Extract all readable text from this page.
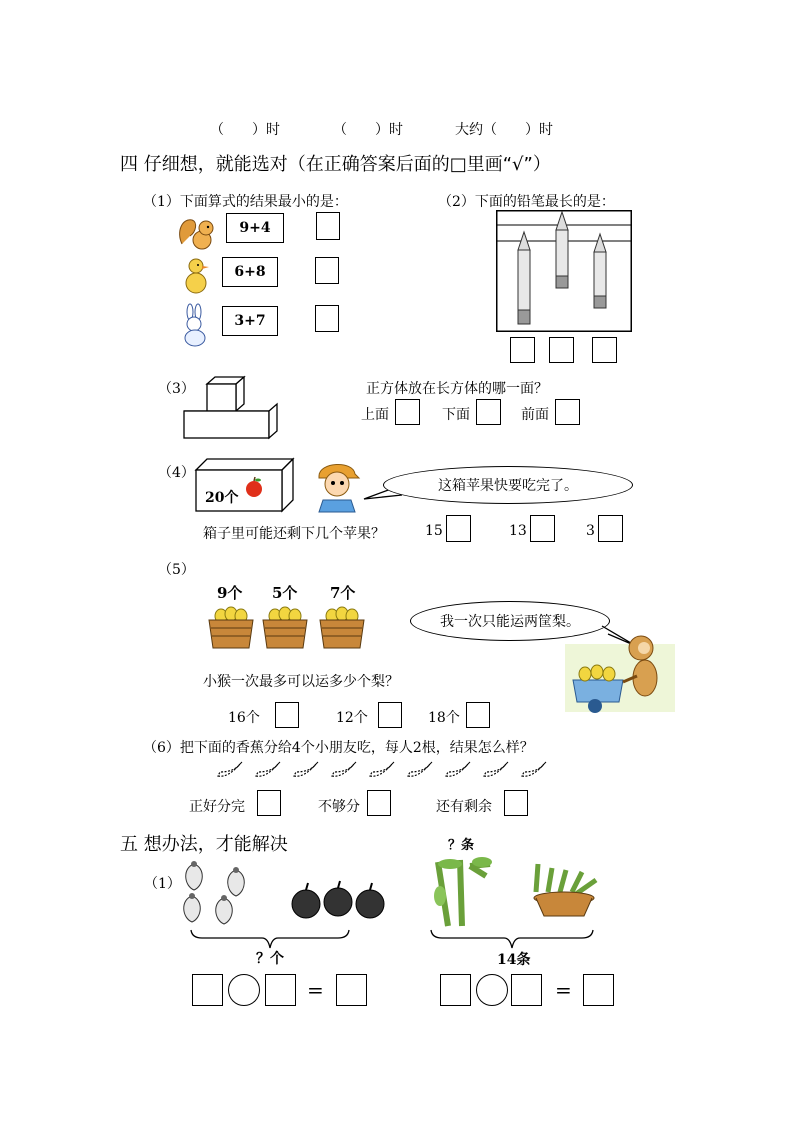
（　　）时	（　　）时	大约（　　）时
四 仔细想，就能选对（在正确答案后面的□里画“√”）
（1）下面算式的结果最小的是：
9+4
6+8
3+7
（2）下面的铅笔最长的是：
（3）	正方体放在长方体的哪一面？
上面	下面	前面
（4）
20个
这箱苹果快要吃完了。
箱子里可能还剩下几个苹果？	15	13	3
（5）
9个 5个 7个
我一次只能运两筐梨。
小猴一次最多可以运多少个梨？
16个	12个	18个
（6）把下面的香蕉分给4个小朋友吃，每人2根，结果怎么样？
正好分完	不够分	还有剩余
五 想办法，才能解决
（1）
？个
？条
14条
=	=
